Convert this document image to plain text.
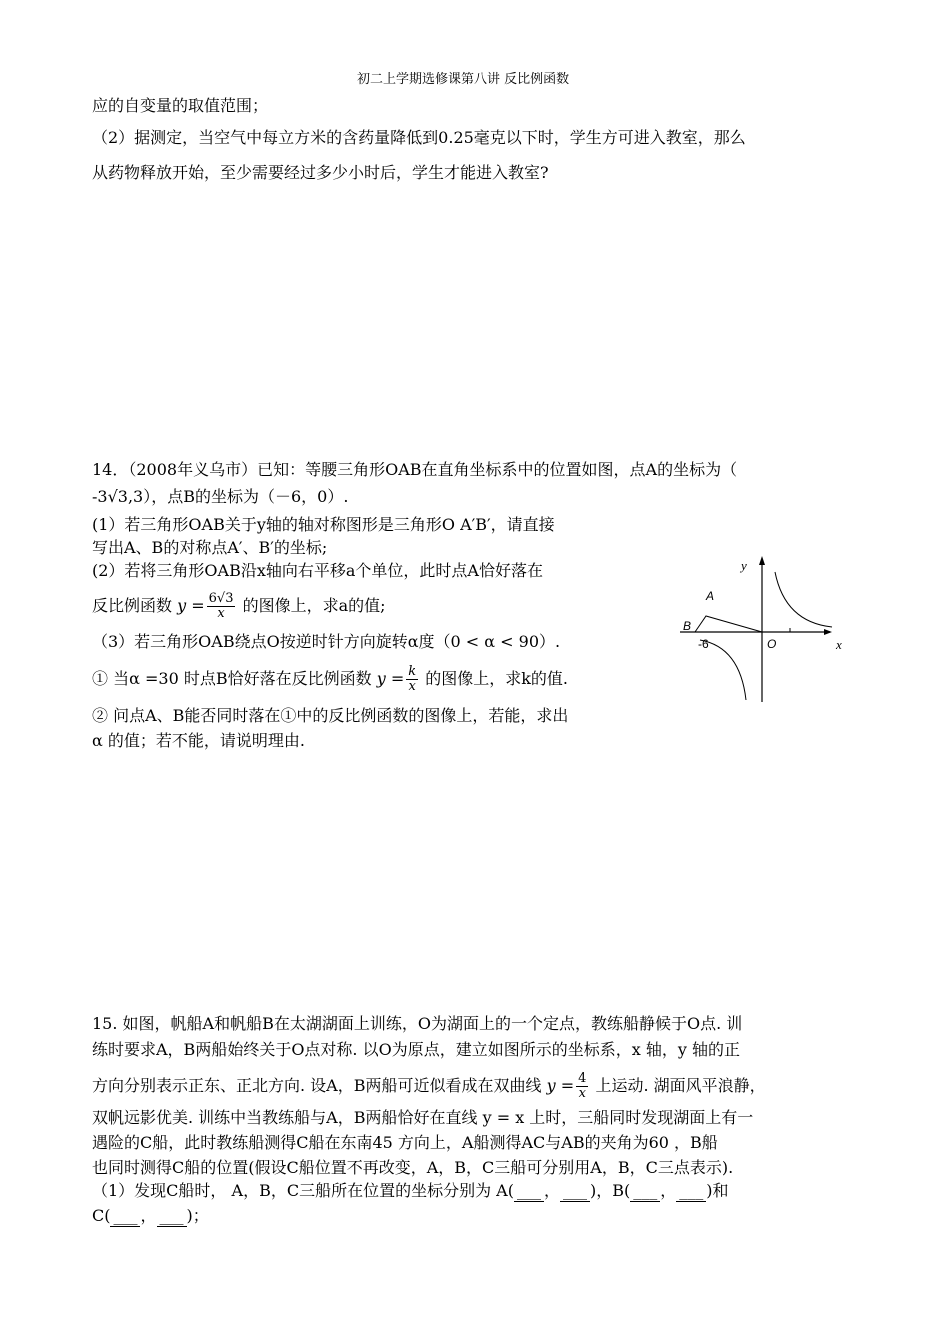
初二上学期选修课第八讲 反比例函数
应的自变量的取值范围；
（2）据测定，当空气中每立方米的含药量降低到0.25毫克以下时，学生方可进入教室，那么
从药物释放开始，至少需要经过多少小时后，学生才能进入教室?
14．（2008年义乌市）已知：等腰三角形OAB在直角坐标系中的位置如图，点A的坐标为（
-3√3,3），点B的坐标为（－6，0）.
(1）若三角形OAB关于y轴的轴对称图形是三角形O A′B′，请直接
写出A、B的对称点A′、B′的坐标;
(2）若将三角形OAB沿x轴向右平移a个单位，此时点A恰好落在
反比例函数 $y = \frac{6√3}{x}$ 的图像上，求a的值;
（3）若三角形OAB绕点O按逆时针方向旋转α度（0 < α < 90）.
① 当α =30 时点B恰好落在反比例函数 $y = \frac{k}{x}$ 的图像上，求k的值.
② 问点A、B能否同时落在①中的反比例函数的图像上，若能，求出
α 的值；若不能，请说明理由.
y
x
A
B
-6	O
15. 如图，帆船A和帆船B在太湖湖面上训练，O为湖面上的一个定点，教练船静候于O点. 训
练时要求A，B两船始终关于O点对称. 以O为原点，建立如图所示的坐标系，x 轴，y 轴的正
方向分别表示正东、正北方向. 设A，B两船可近似看成在双曲线 $y = \frac{4}{x}$ 上运动. 湖面风平浪静，
双帆远影优美. 训练中当教练船与A，B两船恰好在直线 y = x 上时，三船同时发现湖面上有一
遇险的C船，此时教练船测得C船在东南45 方向上，A船测得AC与AB的夹角为60 ，B船
也同时测得C船的位置(假设C船位置不再改变，A，B，C三船可分别用A，B，C三点表示).
（1）发现C船时， A，B，C三船所在位置的坐标分别为 A( ___ ， ___ )，B( ___ ， ___ )和
C( ___ ， ___ )；
